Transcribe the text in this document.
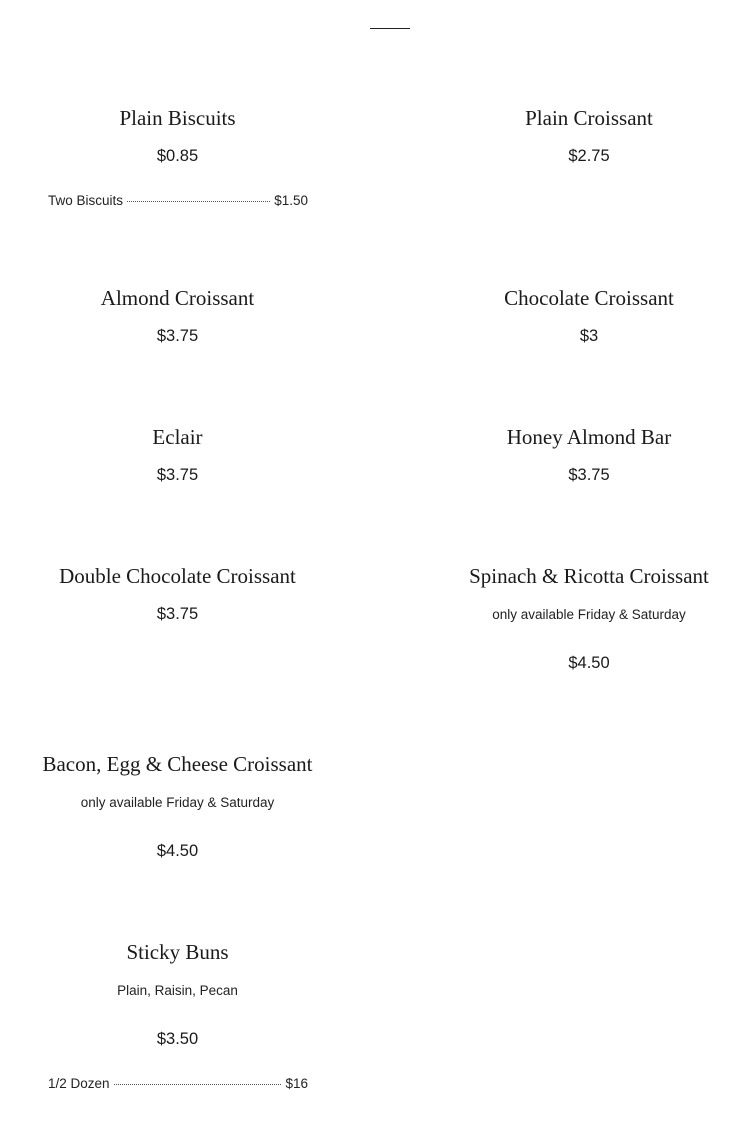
Plain Biscuits
$0.85
Two Biscuits	$1.50
Plain Croissant
$2.75
Almond Croissant
$3.75
Chocolate Croissant
$3
Eclair
$3.75
Honey Almond Bar
$3.75
Double Chocolate Croissant
$3.75
Spinach & Ricotta Croissant
only available Friday & Saturday
$4.50
Bacon, Egg & Cheese Croissant
only available Friday & Saturday
$4.50
Sticky Buns
Plain, Raisin, Pecan
$3.50
1/2 Dozen	$16
